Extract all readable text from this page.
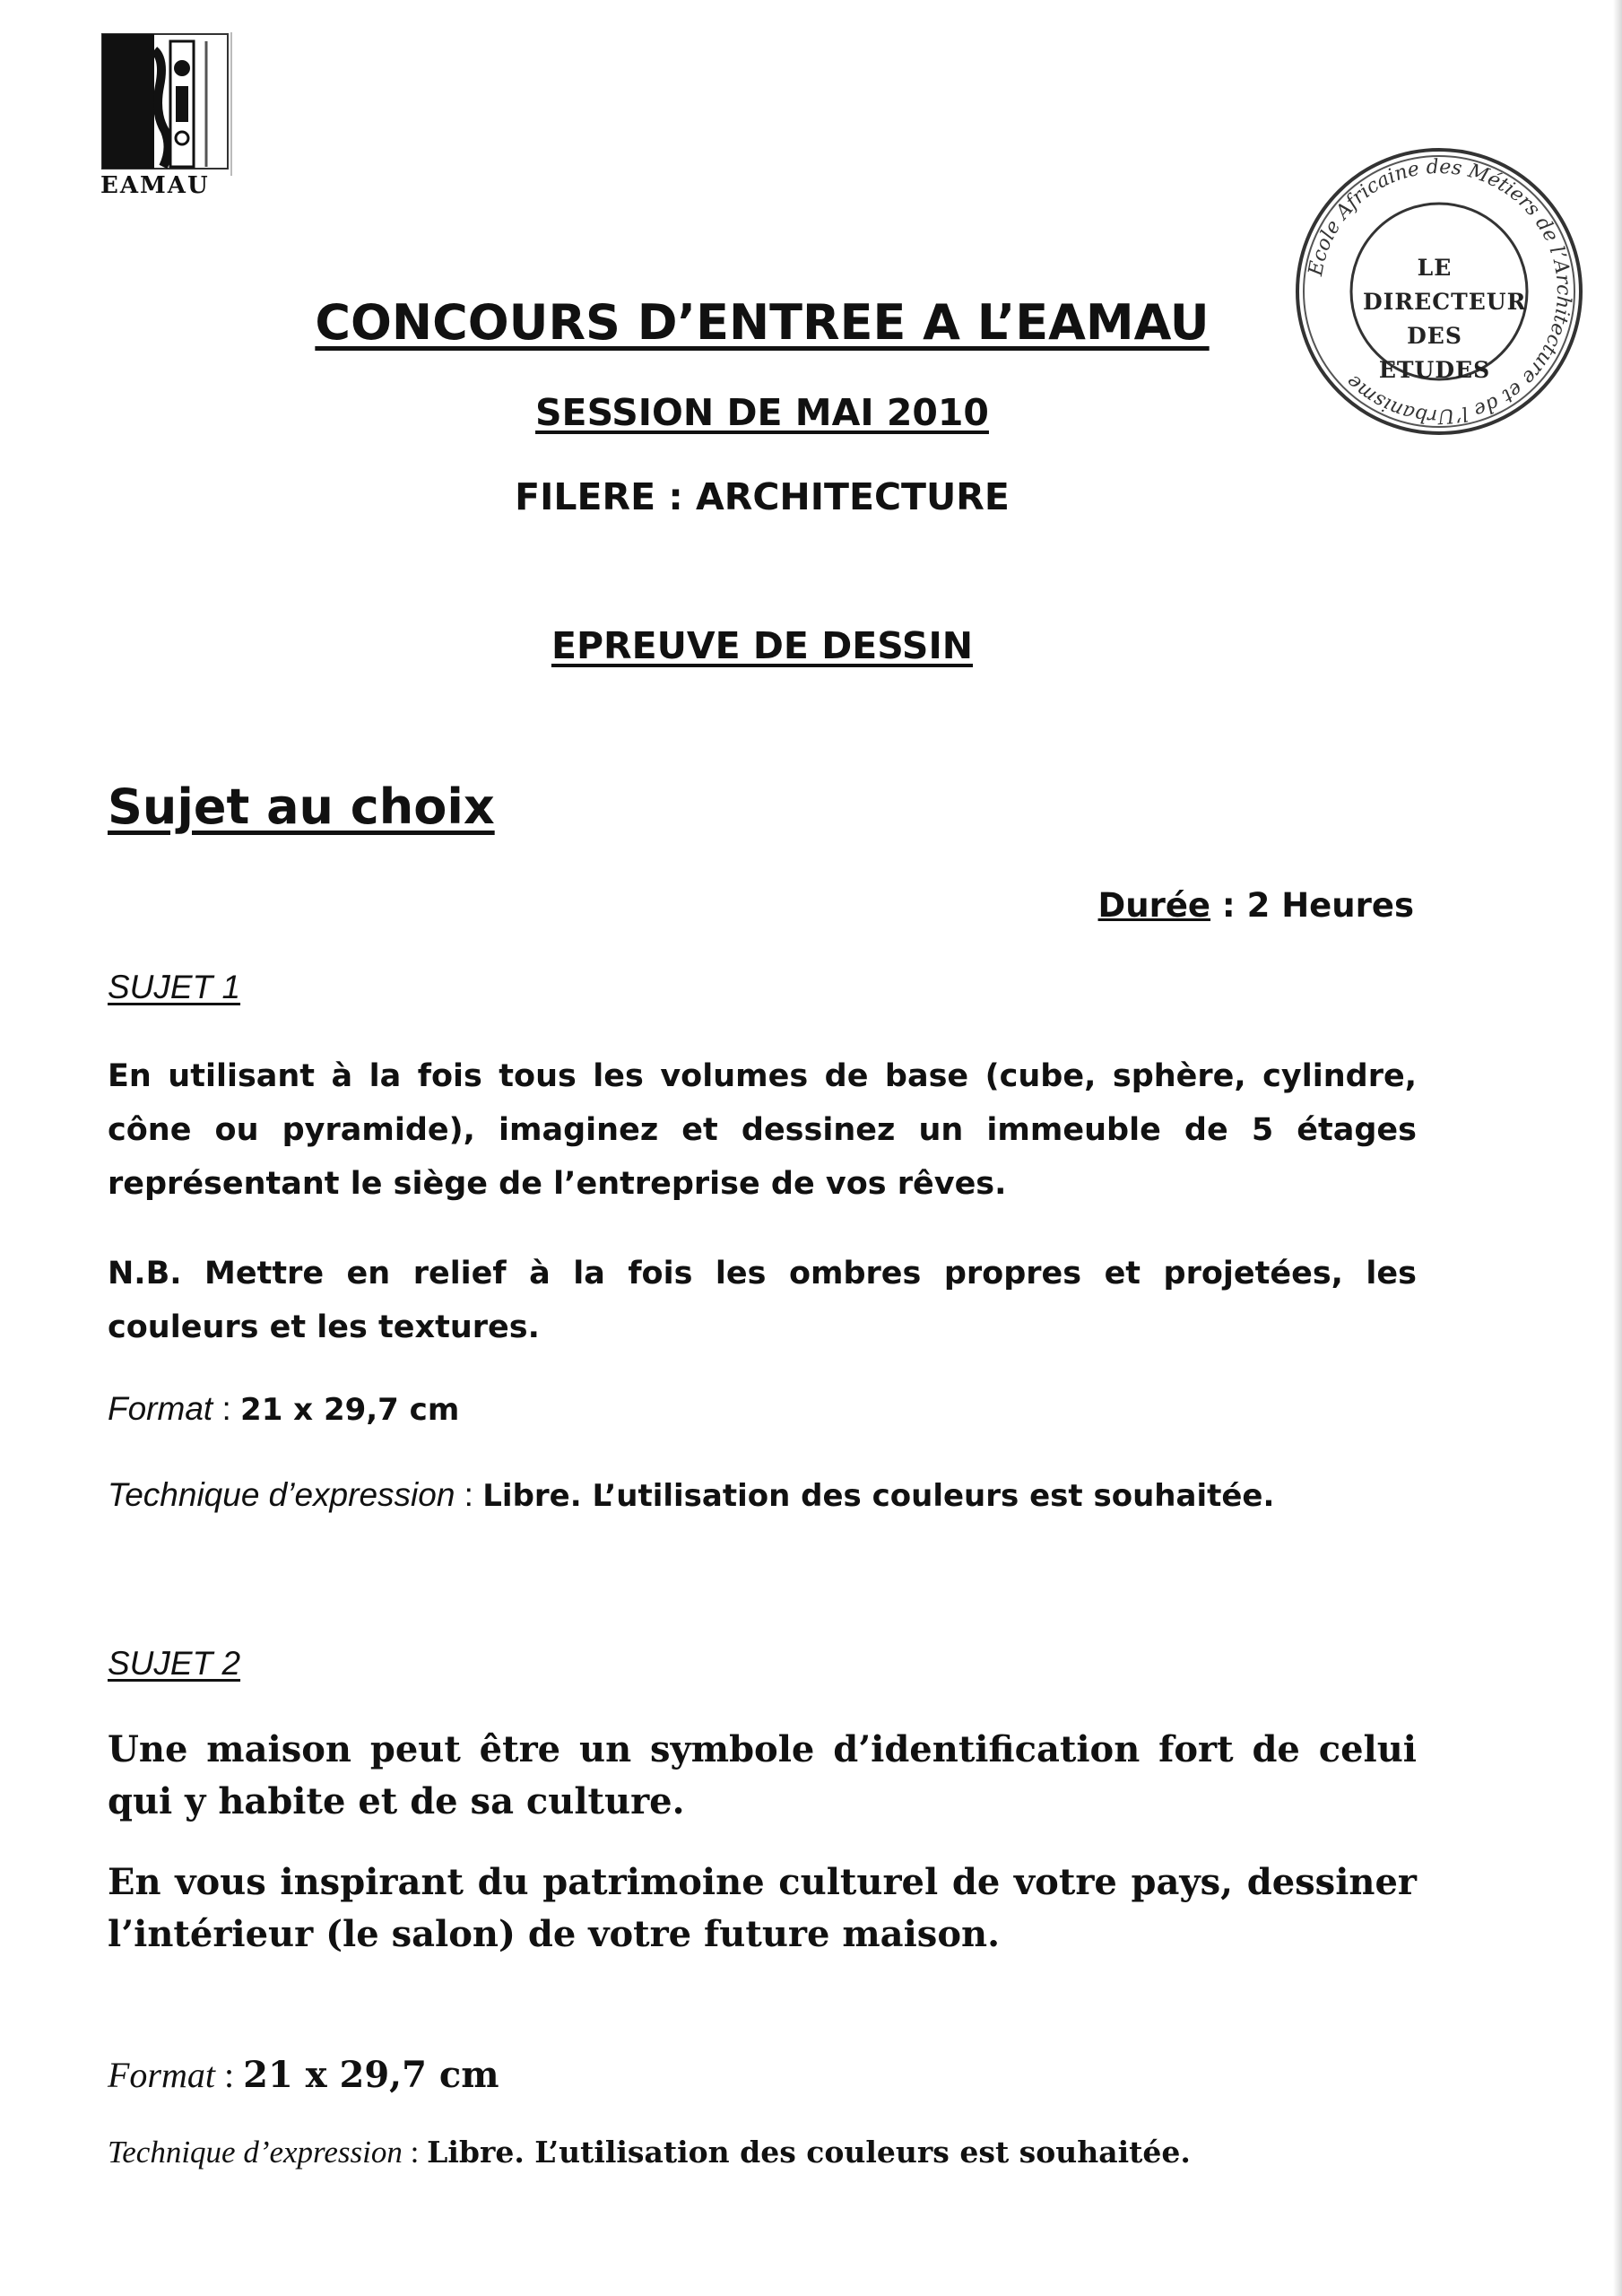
EAMAU
Ecole Africaine des Métiers de l’Architecture et de l’Urbanisme
LE DIRECTEUR
DES ETUDES
CONCOURS D’ENTREE A L’EAMAU
SESSION DE MAI 2010
FILERE : ARCHITECTURE
EPREUVE DE DESSIN
Sujet au choix
Durée : 2 Heures
SUJET 1

En utilisant à la fois tous les volumes de base (cube, sphère, cylindre, cône ou pyramide), imaginez et dessinez un immeuble de 5 étages représentant le siège de l’entreprise de vos rêves.

N.B. Mettre en relief à la fois les ombres propres et projetées, les couleurs et les textures.

Format : 21 x 29,7 cm
Technique d’expression : Libre. L’utilisation des couleurs est souhaitée.
SUJET 2

Une maison peut être un symbole d’identification fort de celui qui y habite et de sa culture.

En vous inspirant du patrimoine culturel de votre pays, dessiner l’intérieur (le salon) de votre future maison.

Format : 21 x 29,7 cm
Technique d’expression : Libre. L’utilisation des couleurs est souhaitée.
